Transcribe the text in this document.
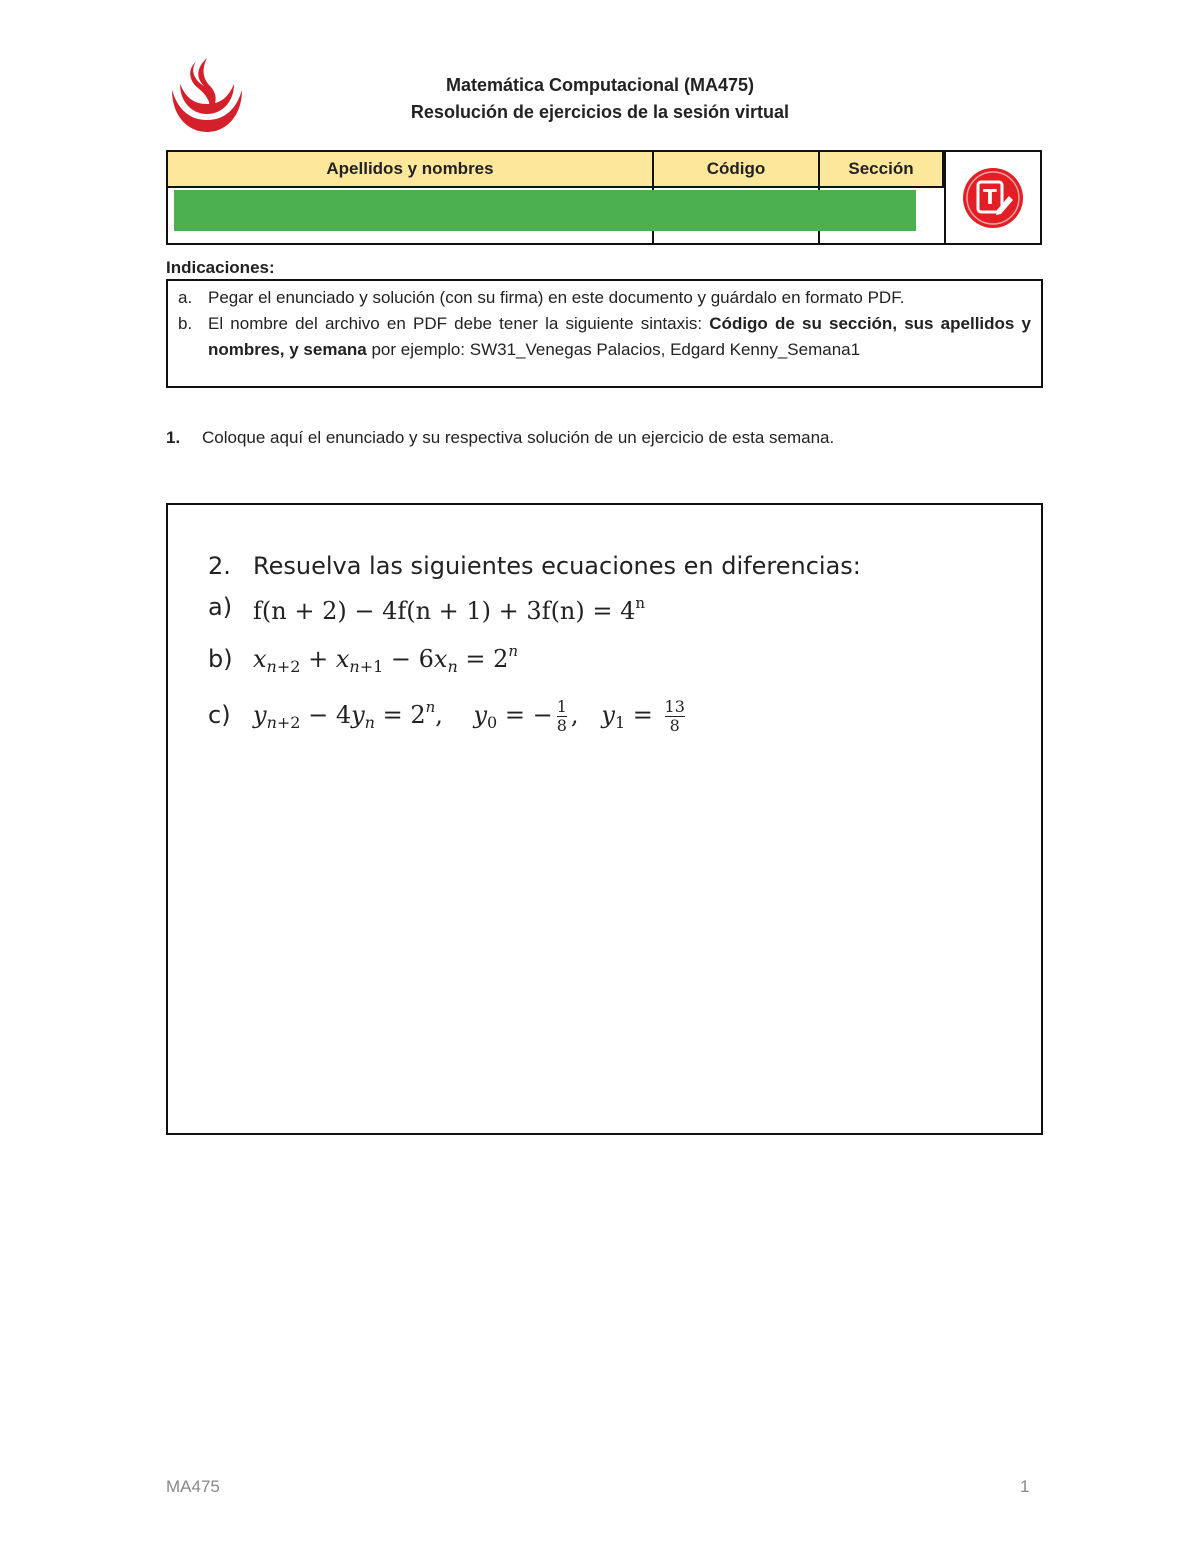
Matemática Computacional (MA475)
Resolución de ejercicios de la sesión virtual
Apellidos y nombres	Código	Sección
T
Indicaciones:
a. Pegar el enunciado y solución (con su firma) en este documento y guárdalo en formato PDF.
b. El nombre del archivo en PDF debe tener la siguiente sintaxis: Código de su sección, sus apellidos y nombres, y semana por ejemplo: SW31_Venegas Palacios, Edgard Kenny_Semana1
1. Coloque aquí el enunciado y su respectiva solución de un ejercicio de esta semana.
2. Resuelva las siguientes ecuaciones en diferencias:
a) $f(n + 2) - 4f(n + 1) + 3f(n) = 4^n$
b) $x_{n+2} + x_{n+1} - 6x_n = 2^n$
c) $y_{n+2} - 4y_n = 2^n$,    $y_0$ = − $\frac{1}{8}$ ,   $y_1 = \frac{13}{8}$
MA475	1
